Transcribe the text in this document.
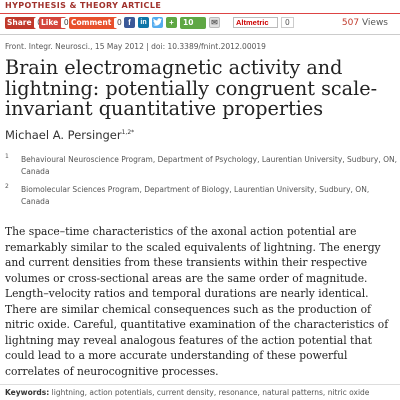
HYPOTHESIS & THEORY ARTICLE
Share	Like 0 Comment 0 f	in	+	10	✉	Altmetric	0	507 Views
Front. Integr. Neurosci., 15 May 2012 | doi: 10.3389/fnint.2012.00019
Brain electromagnetic activity and lightning: potentially congruent scale-invariant quantitative properties
Michael A. Persinger$^{1,2*}$
1	Behavioural Neuroscience Program, Department of Psychology, Laurentian University, Sudbury, ON, Canada
2	Biomolecular Sciences Program, Department of Biology, Laurentian University, Sudbury, ON, Canada

The space–time characteristics of the axonal action potential are remarkably similar to the scaled equivalents of lightning. The energy and current densities from these transients within their respective volumes or cross-sectional areas are the same order of magnitude. Length–velocity ratios and temporal durations are nearly identical. There are similar chemical consequences such as the production of nitric oxide. Careful, quantitative examination of the characteristics of lightning may reveal analogous features of the action potential that could lead to a more accurate understanding of these powerful correlates of neurocognitive processes.

Keywords: lightning, action potentials, current density, resonance, natural patterns, nitric oxide
